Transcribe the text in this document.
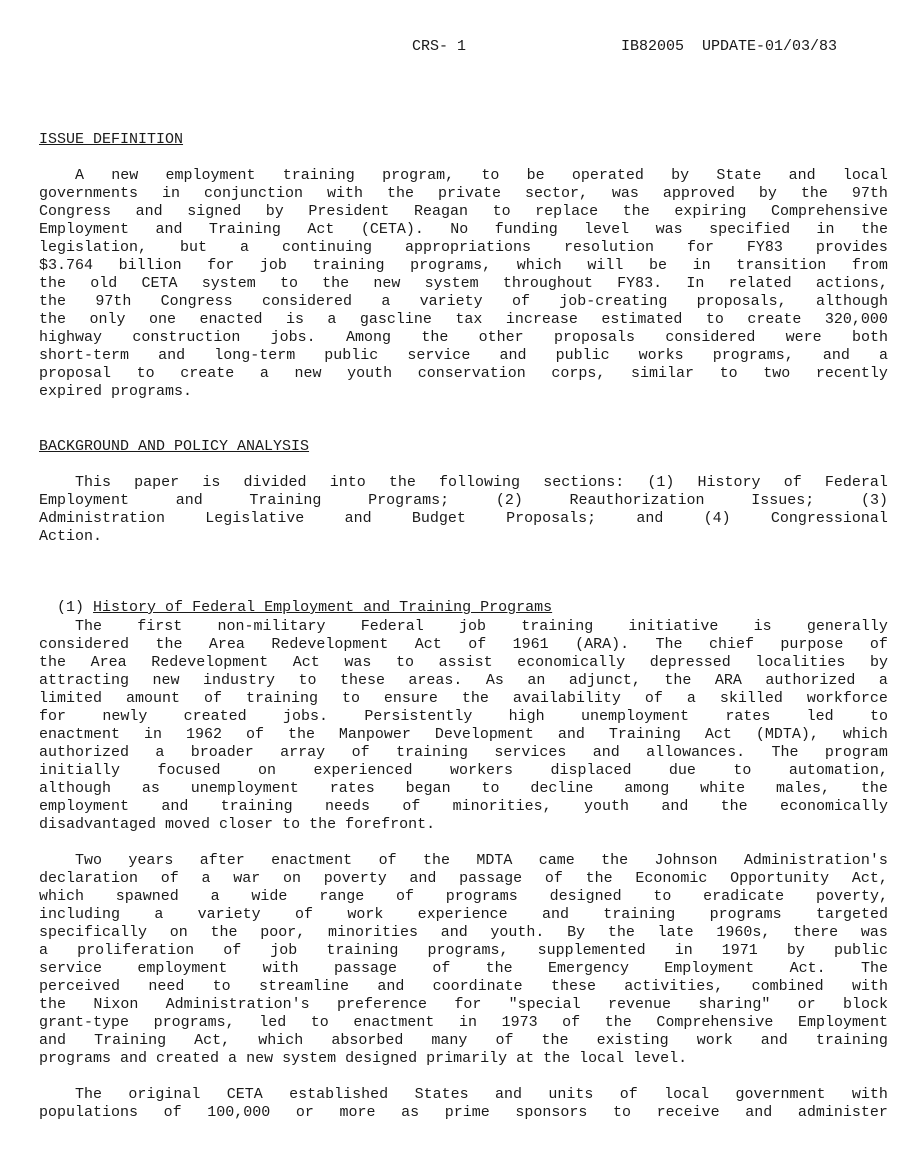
CRS- 1	IB82005  UPDATE-01/03/83
ISSUE DEFINITION
A new employment training program, to be operated by State and local
governments in conjunction with the private sector, was approved by the 97th
Congress and signed by President Reagan to replace the expiring Comprehensive
Employment and Training Act (CETA). No funding level was specified in the
legislation, but a continuing appropriations resolution for FY83 provides
$3.764 billion for job training programs, which will be in transition from
the old CETA system to the new system throughout FY83. In related actions,
the 97th Congress considered a variety of job-creating proposals, although
the only one enacted is a gascline tax increase estimated to create 320,000
highway construction jobs. Among the other proposals considered were both
short-term and long-term public service and public works programs, and a
proposal to create a new youth conservation corps, similar to two recently
expired programs.
BACKGROUND AND POLICY ANALYSIS
This paper is divided into the following sections: (1) History of Federal
Employment	and	Training	Programs;	(2)	Reauthorization	Issues;	(3)
Administration	Legislative	and	Budget	Proposals;	and	(4)	Congressional
Action.

(1) History of Federal Employment and Training Programs

The first non-military Federal job training initiative is generally
considered the Area Redevelopment Act of 1961 (ARA). The chief purpose of
the Area Redevelopment Act was to assist economically depressed localities by
attracting new industry to these areas. As an adjunct, the ARA authorized a
limited amount of training to ensure the availability of a skilled workforce
for newly created jobs. Persistently high unemployment rates led to
enactment in 1962 of the Manpower Development and Training Act (MDTA), which
authorized a broader array of training services and allowances. The program
initially focused on experienced workers displaced due to automation,
although as unemployment rates began to decline among white males, the
employment and training needs of minorities, youth and the economically
disadvantaged moved closer to the forefront.
Two years after enactment of the MDTA came the Johnson Administration's
declaration of a war on poverty and passage of the Economic Opportunity Act,
which spawned a wide range of programs designed to eradicate poverty,
including a variety of work experience and training programs targeted
specifically on the poor, minorities and youth. By the late 1960s, there was
a proliferation of job training programs, supplemented in 1971 by public
service employment with passage of the Emergency Employment Act. The
perceived need to streamline and coordinate these activities, combined with
the Nixon Administration's preference for "special revenue sharing" or block
grant-type programs, led to enactment in 1973 of the Comprehensive Employment
and Training Act, which absorbed many of the existing work and training
programs and created a new system designed primarily at the local level.
The original CETA established States and units of local government with
populations of 100,000 or more as prime sponsors to receive and administer
